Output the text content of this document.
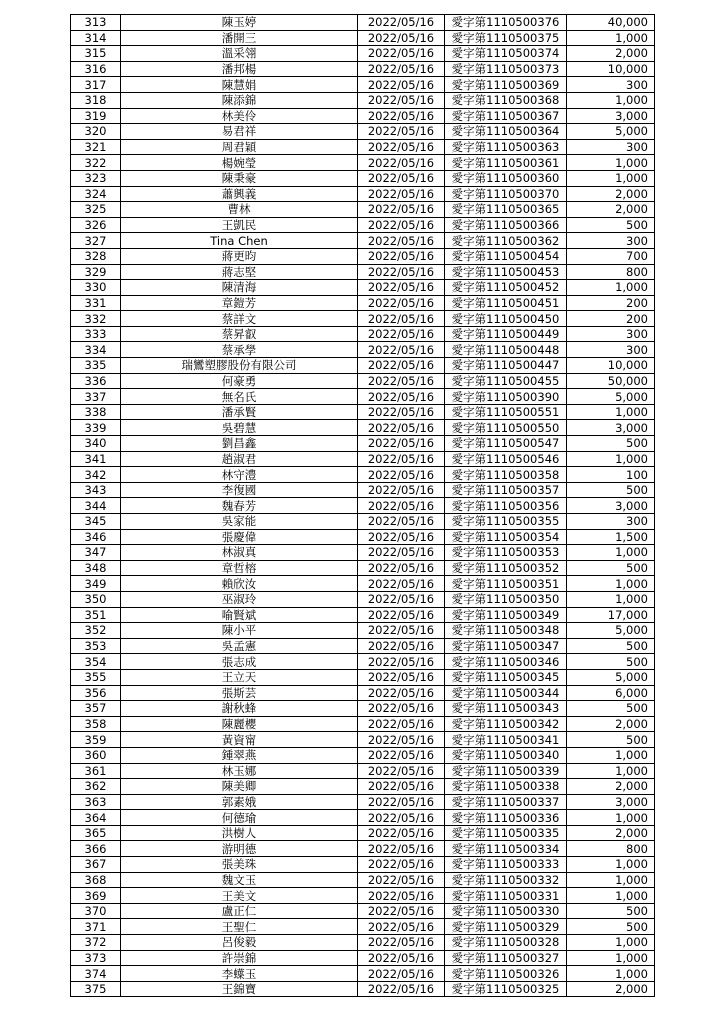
313	陳玉婷	2022/05/16	愛字第1110500376	40,000
314	潘開三	2022/05/16	愛字第1110500375	1,000
315	溫采翎	2022/05/16	愛字第1110500374	2,000
316	潘邦楊	2022/05/16	愛字第1110500373	10,000
317	陳慧娟	2022/05/16	愛字第1110500369	300
318	陳添錦	2022/05/16	愛字第1110500368	1,000
319	林美伶	2022/05/16	愛字第1110500367	3,000
320	易君祥	2022/05/16	愛字第1110500364	5,000
321	周君穎	2022/05/16	愛字第1110500363	300
322	楊婉瑩	2022/05/16	愛字第1110500361	1,000
323	陳秉豪	2022/05/16	愛字第1110500360	1,000
324	蕭興義	2022/05/16	愛字第1110500370	2,000
325	曹林	2022/05/16	愛字第1110500365	2,000
326	王凱民	2022/05/16	愛字第1110500366	500
327	Tina Chen	2022/05/16	愛字第1110500362	300
328	蔣更昀	2022/05/16	愛字第1110500454	700
329	蔣志堅	2022/05/16	愛字第1110500453	800
330	陳清海	2022/05/16	愛字第1110500452	1,000
331	章鎧芳	2022/05/16	愛字第1110500451	200
332	蔡詳文	2022/05/16	愛字第1110500450	200
333	蔡昇叡	2022/05/16	愛字第1110500449	300
334	蔡承學	2022/05/16	愛字第1110500448	300
335	瑞鸞塑膠股份有限公司	2022/05/16	愛字第1110500447	10,000
336	何豪勇	2022/05/16	愛字第1110500455	50,000
337	無名氏	2022/05/16	愛字第1110500390	5,000
338	潘承賢	2022/05/16	愛字第1110500551	1,000
339	吳碧慧	2022/05/16	愛字第1110500550	3,000
340	劉昌鑫	2022/05/16	愛字第1110500547	500
341	趙淑君	2022/05/16	愛字第1110500546	1,000
342	林守澧	2022/05/16	愛字第1110500358	100
343	李復國	2022/05/16	愛字第1110500357	500
344	魏春芳	2022/05/16	愛字第1110500356	3,000
345	吳家能	2022/05/16	愛字第1110500355	300
346	張慶偉	2022/05/16	愛字第1110500354	1,500
347	林淑真	2022/05/16	愛字第1110500353	1,000
348	章哲榕	2022/05/16	愛字第1110500352	500
349	賴欣汝	2022/05/16	愛字第1110500351	1,000
350	巫淑玲	2022/05/16	愛字第1110500350	1,000
351	喻賢斌	2022/05/16	愛字第1110500349	17,000
352	陳小平	2022/05/16	愛字第1110500348	5,000
353	吳孟憲	2022/05/16	愛字第1110500347	500
354	張志成	2022/05/16	愛字第1110500346	500
355	王立天	2022/05/16	愛字第1110500345	5,000
356	張斯芸	2022/05/16	愛字第1110500344	6,000
357	謝秋蜂	2022/05/16	愛字第1110500343	500
358	陳麗櫻	2022/05/16	愛字第1110500342	2,000
359	黃資甯	2022/05/16	愛字第1110500341	500
360	鍾翠燕	2022/05/16	愛字第1110500340	1,000
361	林玉娜	2022/05/16	愛字第1110500339	1,000
362	陳美卿	2022/05/16	愛字第1110500338	2,000
363	郭素娥	2022/05/16	愛字第1110500337	3,000
364	何德瑜	2022/05/16	愛字第1110500336	1,000
365	洪樹人	2022/05/16	愛字第1110500335	2,000
366	游明德	2022/05/16	愛字第1110500334	800
367	張美珠	2022/05/16	愛字第1110500333	1,000
368	魏文玉	2022/05/16	愛字第1110500332	1,000
369	王美文	2022/05/16	愛字第1110500331	1,000
370	盧正仁	2022/05/16	愛字第1110500330	500
371	王聖仁	2022/05/16	愛字第1110500329	500
372	呂俊毅	2022/05/16	愛字第1110500328	1,000
373	許崇錦	2022/05/16	愛字第1110500327	1,000
374	李蠂玉	2022/05/16	愛字第1110500326	1,000
375	王錦寶	2022/05/16	愛字第1110500325	2,000
